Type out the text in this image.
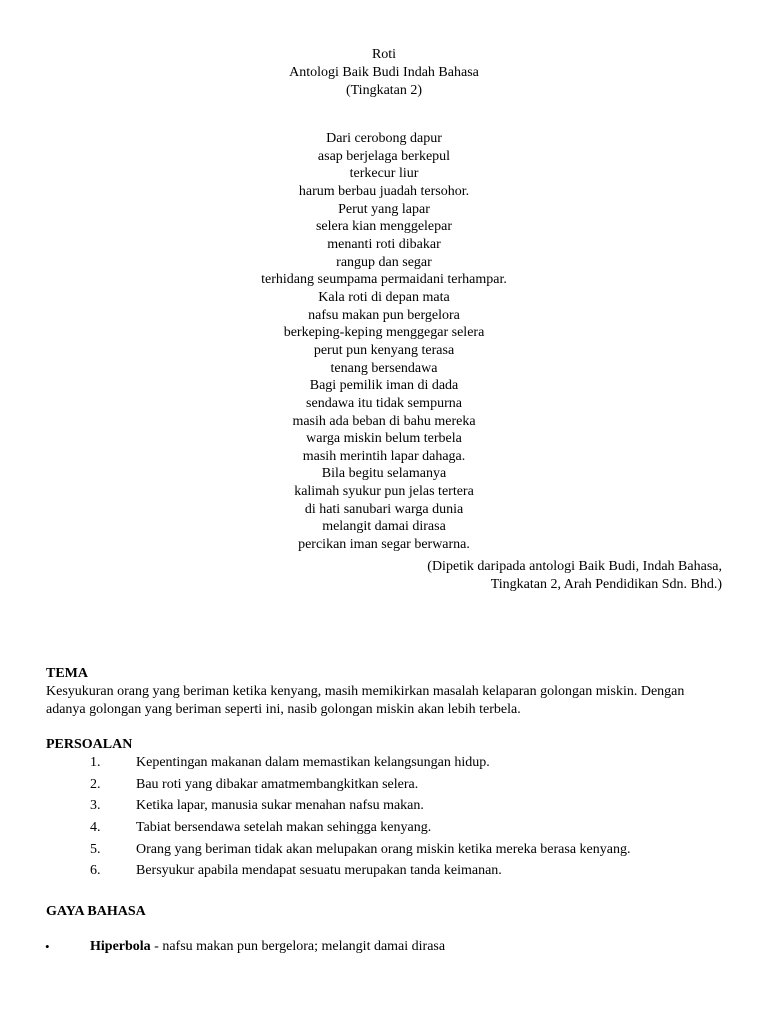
Roti
Antologi Baik Budi Indah Bahasa
(Tingkatan 2)
Dari cerobong dapur
asap berjelaga berkepul
terkecur liur
harum berbau juadah tersohor.
Perut yang lapar
selera kian menggelepar
menanti roti dibakar
rangup dan segar
terhidang seumpama permaidani terhampar.
Kala roti di depan mata
nafsu makan pun bergelora
berkeping-keping menggegar selera
perut pun kenyang terasa
tenang bersendawa
Bagi pemilik iman di dada
sendawa itu tidak sempurna
masih ada beban di bahu mereka
warga miskin belum terbela
masih merintih lapar dahaga.
Bila begitu selamanya
kalimah syukur pun jelas tertera
di hati sanubari warga dunia
melangit damai dirasa
percikan iman segar berwarna.
(Dipetik daripada antologi Baik Budi, Indah Bahasa,
Tingkatan 2, Arah Pendidikan Sdn. Bhd.)
TEMA
Kesyukuran orang yang beriman ketika kenyang, masih memikirkan masalah kelaparan golongan miskin. Dengan
adanya golongan yang beriman seperti ini, nasib golongan miskin akan lebih terbela.
PERSOALAN
1.	Kepentingan makanan dalam memastikan kelangsungan hidup.
2.	Bau roti yang dibakar amatmembangkitkan selera.
3.	Ketika lapar, manusia sukar menahan nafsu makan.
4.	Tabiat bersendawa setelah makan sehingga kenyang.
5.	Orang yang beriman tidak akan melupakan orang miskin ketika mereka berasa kenyang.
6.	Bersyukur apabila mendapat sesuatu merupakan tanda keimanan.
GAYA BAHASA
•	Hiperbola - nafsu makan pun bergelora; melangit damai dirasa
